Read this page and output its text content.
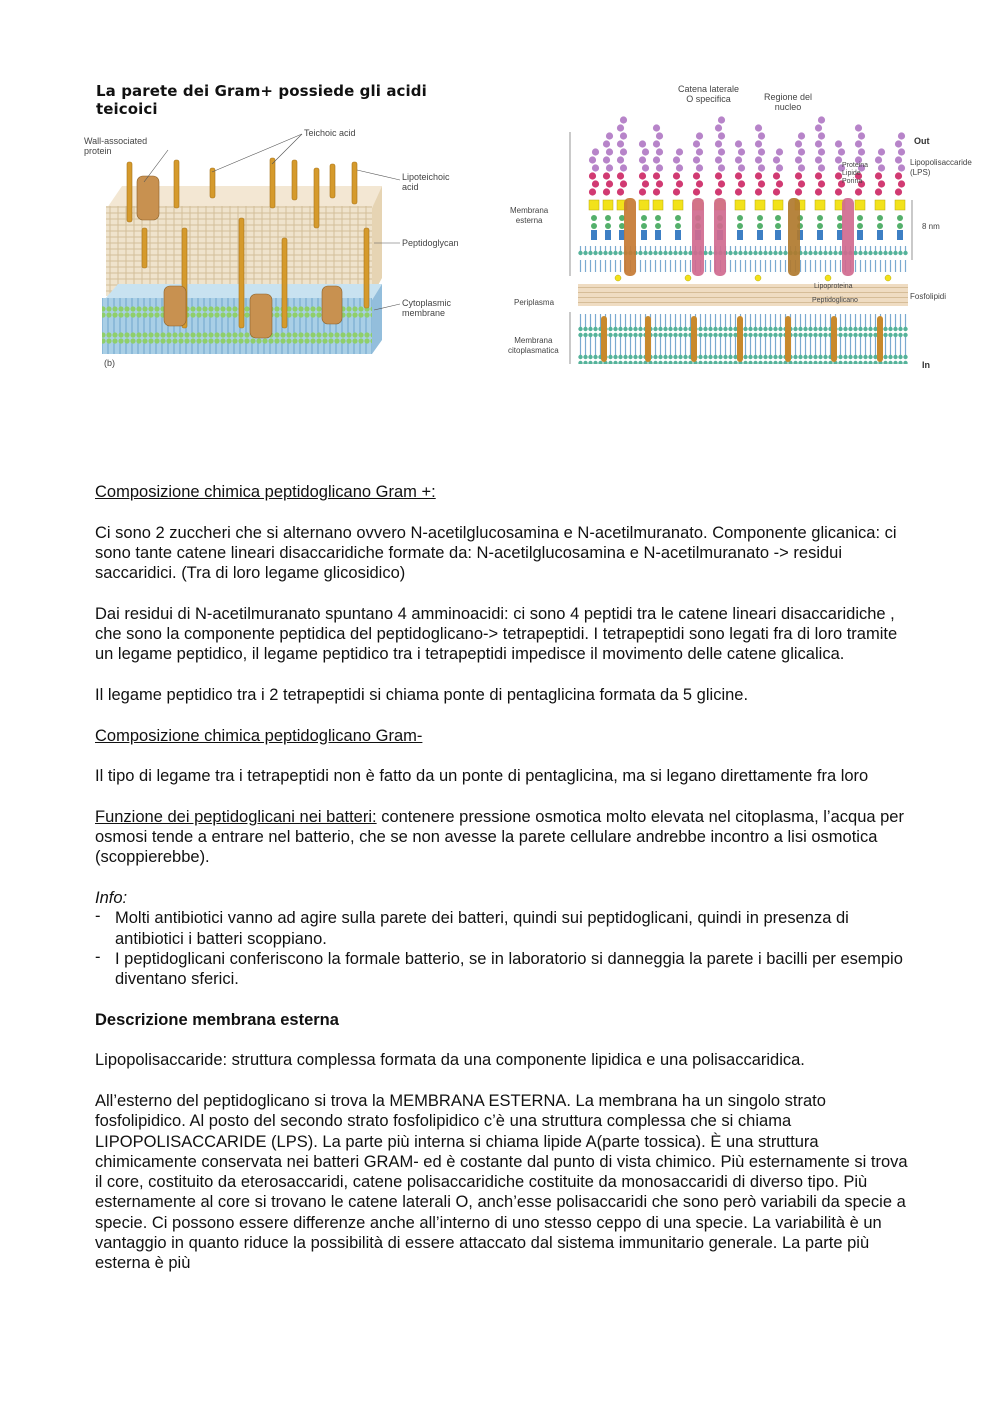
La parete dei Gram+ possiede gli acidi teicoici
Wall-associated
protein
Teichoic acid
Lipoteichoic
acid
Peptidoglycan
Cytoplasmic
membrane
(b)
Catena laterale
O specifica	Regione del
nucleo
Out
Lipopolisaccaride
(LPS)
Proteina
Lipide
Porina
Membrana
esterna
8 nm
Lipoproteina
Peptidoglicano	Fosfolipidi
Periplasma
Membrana
citoplasmatica
In

Composizione chimica peptidoglicano Gram +:

Ci sono 2 zuccheri che si alternano ovvero N-acetilglucosamina e N-acetilmuranato. Componente glicanica: ci sono tante catene lineari disaccaridiche formate da: N-acetilglucosamina e N-acetilmuranato -> residui saccaridici. (Tra di loro legame glicosidico)

Dai residui di N-acetilmuranato spuntano 4 amminoacidi: ci sono 4 peptidi tra le catene lineari disaccaridiche , che sono la componente peptidica del peptidoglicano-> tetrapeptidi. I tetrapeptidi sono legati fra di loro tramite un legame peptidico, il legame peptidico tra i tetrapeptidi impedisce il movimento delle catene glicalica.

Il legame peptidico tra i 2 tetrapeptidi si chiama ponte di pentaglicina formata da 5 glicine.

Composizione chimica peptidoglicano Gram-

Il tipo di legame tra i tetrapeptidi non è fatto da un ponte di pentaglicina, ma si legano direttamente fra loro

Funzione dei peptidoglicani nei batteri: contenere pressione osmotica molto elevata nel citoplasma, l’acqua per osmosi tende a entrare nel batterio, che se non avesse la parete cellulare andrebbe incontro a lisi osmotica (scoppierebbe).

Info:

- Molti antibiotici vanno ad agire sulla parete dei batteri, quindi sui peptidoglicani, quindi in presenza di antibiotici i batteri scoppiano.
- I peptidoglicani conferiscono la formale batterio, se in laboratorio si danneggia la parete i bacilli per esempio diventano sferici.

Descrizione membrana esterna

Lipopolisaccaride: struttura complessa formata da una componente lipidica e una polisaccaridica.

All’esterno del peptidoglicano si trova la MEMBRANA ESTERNA. La membrana ha un singolo strato fosfolipidico. Al posto del secondo strato fosfolipidico c’è una struttura complessa che si chiama LIPOPOLISACCARIDE (LPS). La parte più interna si chiama lipide A(parte tossica). È una struttura chimicamente conservata nei batteri GRAM- ed è costante dal punto di vista chimico. Più esternamente si trova il core, costituito da eterosaccaridi, catene polisaccaridiche costituite da monosaccaridi di diverso tipo. Più esternamente al core si trovano le catene laterali O, anch’esse polisaccaridi che sono però variabili da specie a specie. Ci possono essere differenze anche all’interno di uno stesso ceppo di una specie. La variabilità è un vantaggio in quanto riduce la possibilità di essere attaccato dal sistema immunitario generale. La parte più esterna è più
